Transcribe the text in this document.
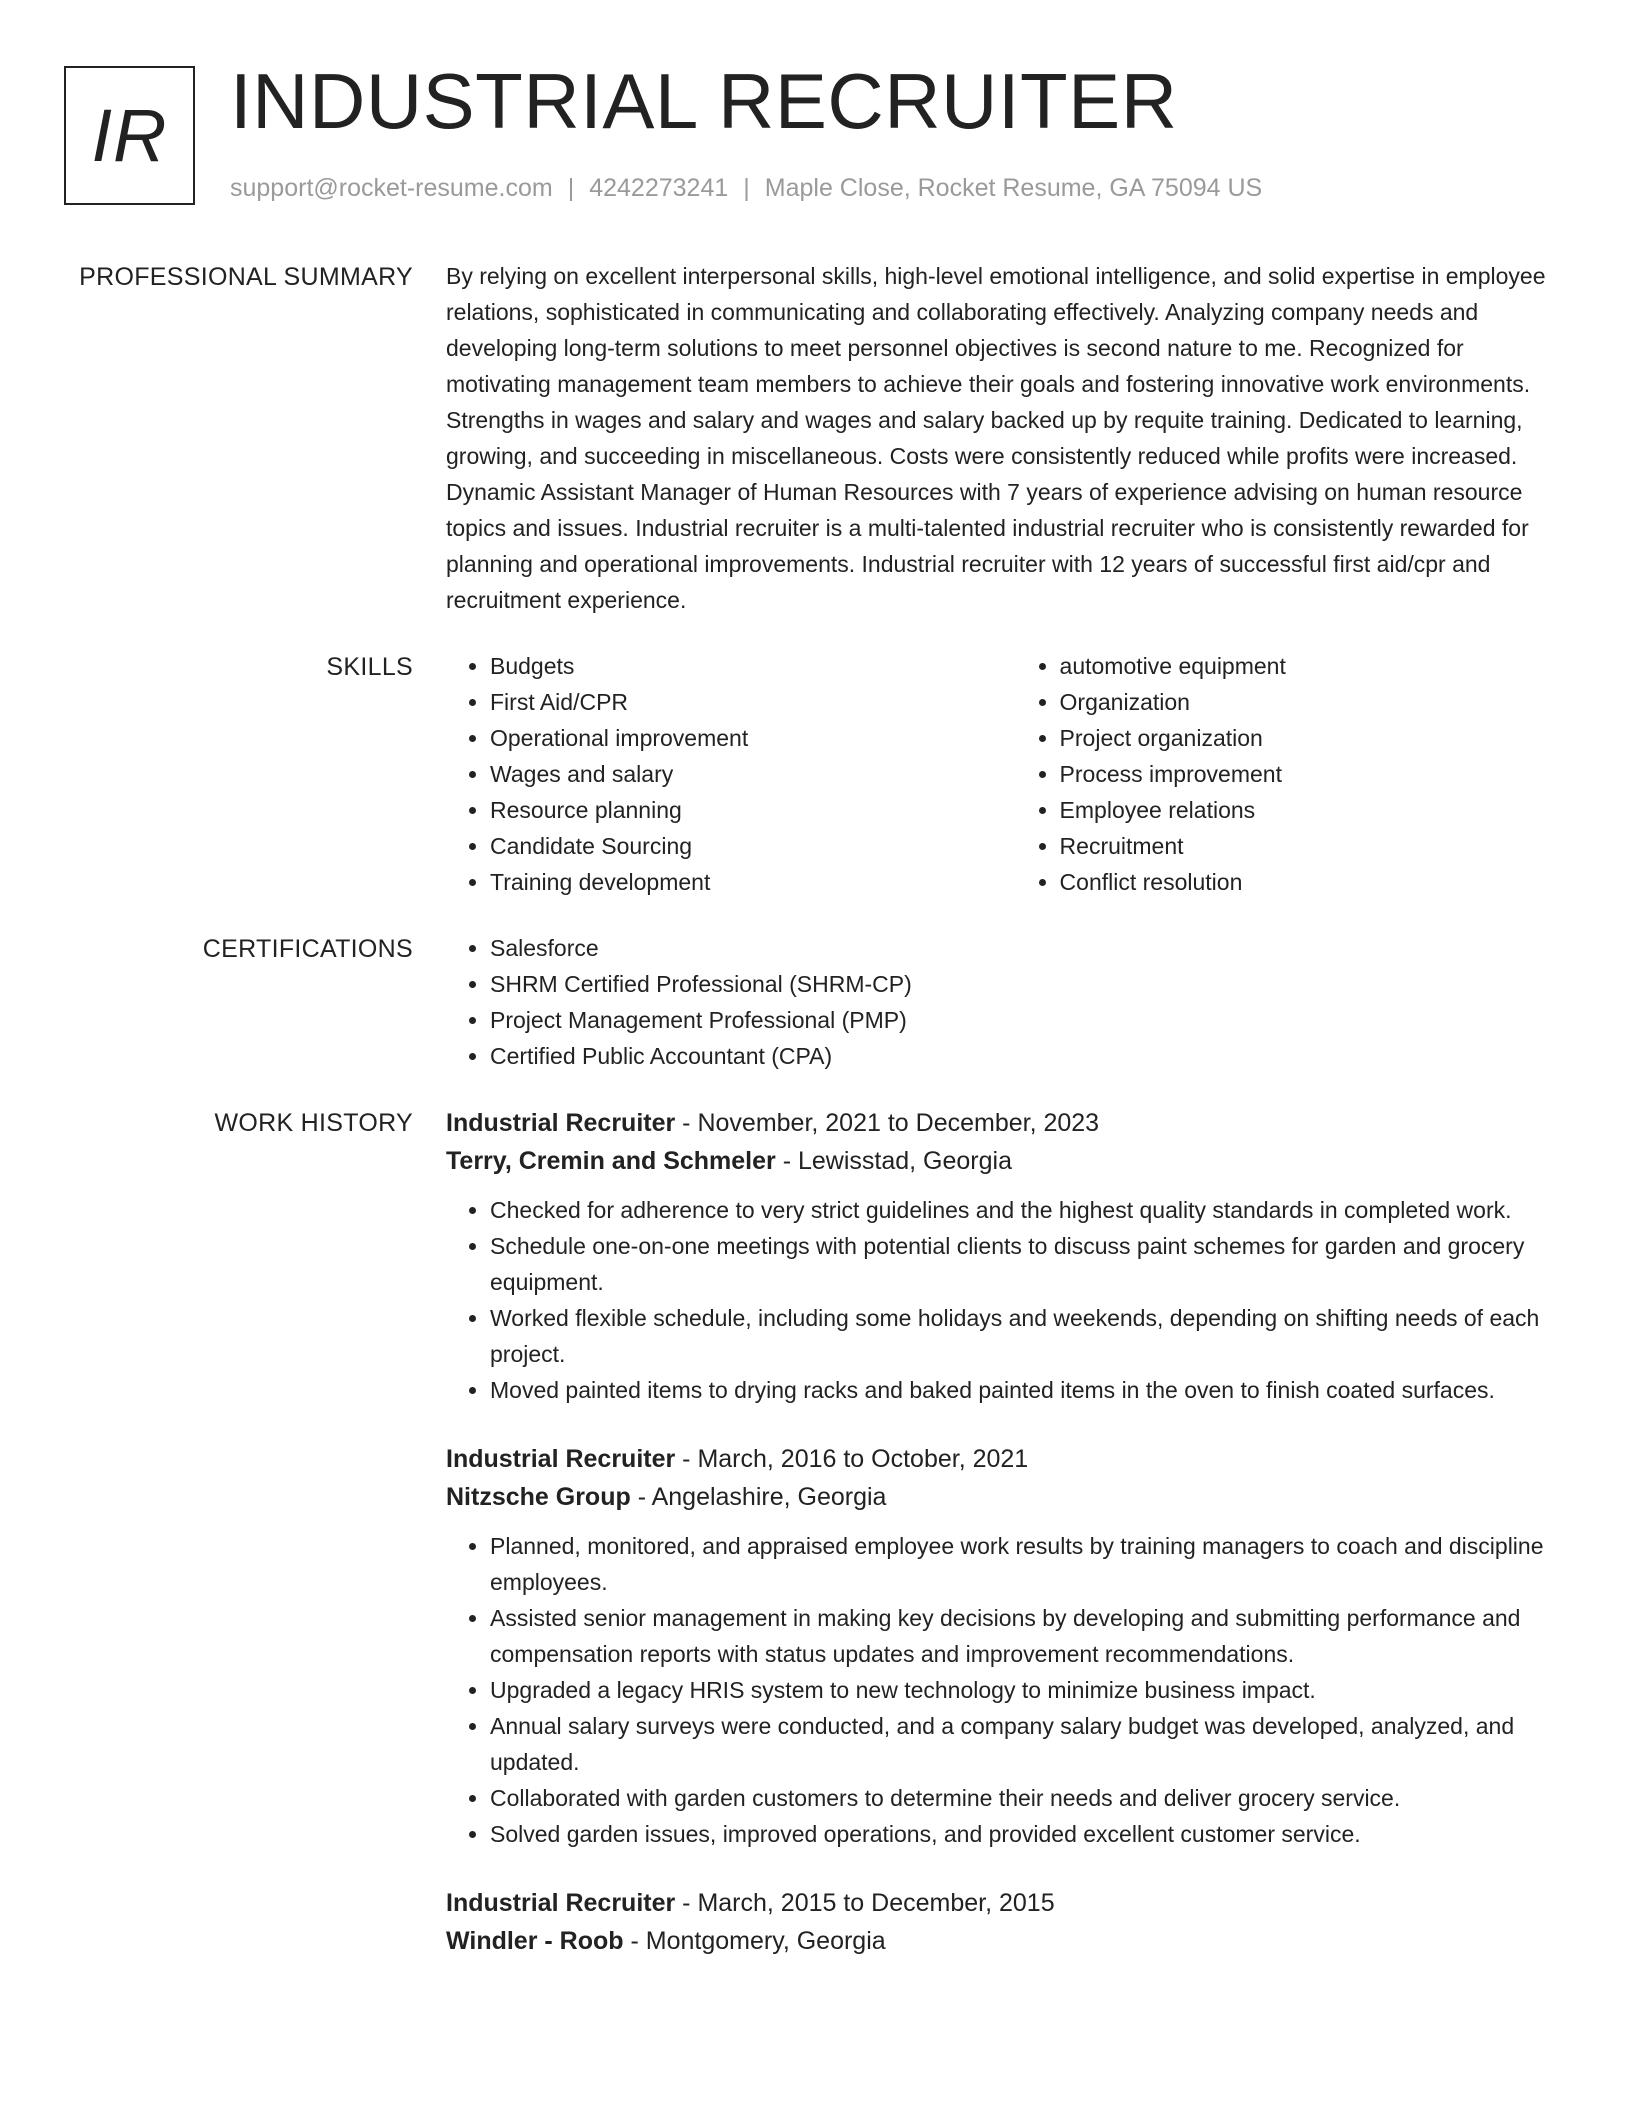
IR INDUSTRIAL RECRUITER
support@rocket-resume.com | 4242273241 | Maple Close, Rocket Resume, GA 75094 US
PROFESSIONAL SUMMARY By relying on excellent interpersonal skills, high-level emotional intelligence, and solid expertise in employee relations, sophisticated in communicating and collaborating effectively. Analyzing company needs and developing long-term solutions to meet personnel objectives is second nature to me. Recognized for motivating management team members to achieve their goals and fostering innovative work environments. Strengths in wages and salary and wages and salary backed up by requite training. Dedicated to learning, growing, and succeeding in miscellaneous. Costs were consistently reduced while profits were increased. Dynamic Assistant Manager of Human Resources with 7 years of experience advising on human resource topics and issues. Industrial recruiter is a multi-talented industrial recruiter who is consistently rewarded for planning and operational improvements. Industrial recruiter with 12 years of successful first aid/cpr and recruitment experience.

SKILLS	• Budgets
• First Aid/CPR
• Operational improvement
• Wages and salary
• Resource planning
• Candidate Sourcing
• Training development
• automotive equipment
• Organization
• Project organization
• Process improvement
• Employee relations
• Recruitment
• Conflict resolution
CERTIFICATIONS	• Salesforce
• SHRM Certified Professional (SHRM-CP)
• Project Management Professional (PMP)
• Certified Public Accountant (CPA)
WORK HISTORY Industrial Recruiter - November, 2021 to December, 2023
Terry, Cremin and Schmeler - Lewisstad, Georgia
• Checked for adherence to very strict guidelines and the highest quality standards in completed work.
• Schedule one-on-one meetings with potential clients to discuss paint schemes for garden and grocery equipment.
• Worked flexible schedule, including some holidays and weekends, depending on shifting needs of each project.
• Moved painted items to drying racks and baked painted items in the oven to finish coated surfaces.
Industrial Recruiter - March, 2016 to October, 2021
Nitzsche Group - Angelashire, Georgia
• Planned, monitored, and appraised employee work results by training managers to coach and discipline employees.
• Assisted senior management in making key decisions by developing and submitting performance and compensation reports with status updates and improvement recommendations.
• Upgraded a legacy HRIS system to new technology to minimize business impact.
• Annual salary surveys were conducted, and a company salary budget was developed, analyzed, and updated.
• Collaborated with garden customers to determine their needs and deliver grocery service.
• Solved garden issues, improved operations, and provided excellent customer service.
Industrial Recruiter - March, 2015 to December, 2015
Windler - Roob - Montgomery, Georgia
